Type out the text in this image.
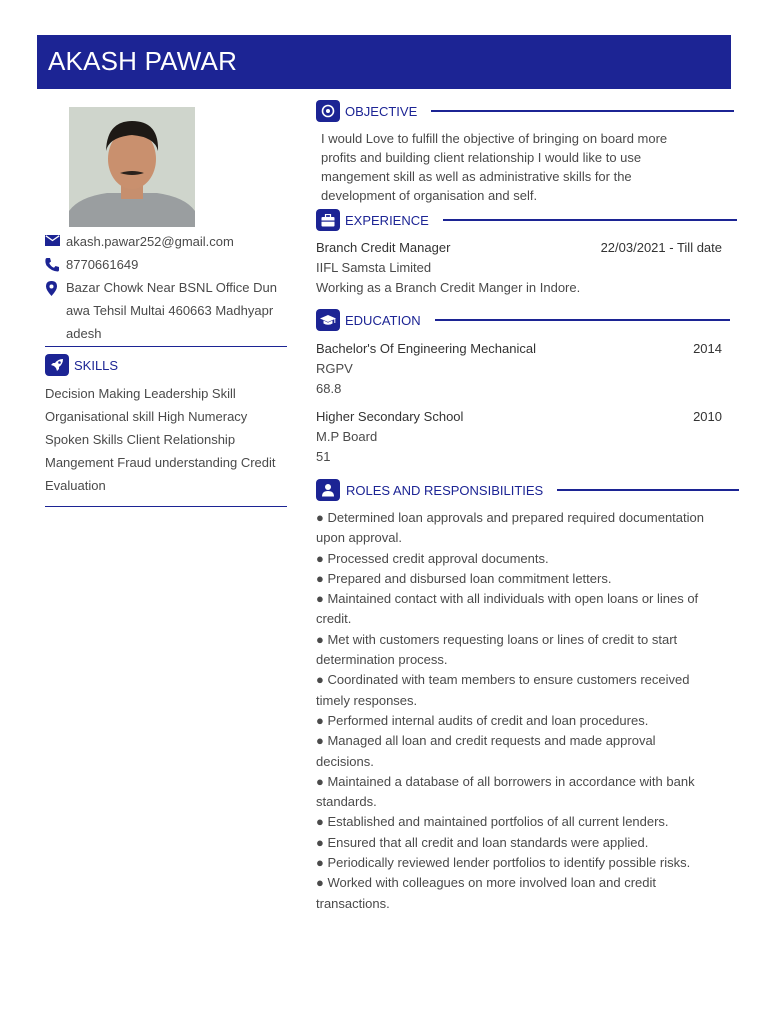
AKASH PAWAR
akash.pawar252@gmail.com
8770661649
Bazar Chowk Near BSNL Office Dun
awa Tehsil Multai 460663 Madhyapr
adesh
SKILLS
Decision Making Leadership Skill
Organisational skill High Numeracy
Spoken Skills Client Relationship
Mangement Fraud understanding Credit
Evaluation
OBJECTIVE
I would Love to fulfill the objective of bringing on board more
profits and building client relationship I would like to use
mangement skill as well as administrative skills for the
development of organisation and self.
EXPERIENCE
Branch Credit Manager	22/03/2021 - Till date
IIFL Samsta Limited
Working as a Branch Credit Manger in Indore.
EDUCATION
Bachelor's Of Engineering Mechanical	2014
RGPV
68.8
Higher Secondary School	2010
M.P Board
51
ROLES AND RESPONSIBILITIES
● Determined loan approvals and prepared required documentation
upon approval.
● Processed credit approval documents.
● Prepared and disbursed loan commitment letters.
● Maintained contact with all individuals with open loans or lines of
credit.
● Met with customers requesting loans or lines of credit to start
determination process.
● Coordinated with team members to ensure customers received
timely responses.
● Performed internal audits of credit and loan procedures.
● Managed all loan and credit requests and made approval
decisions.
● Maintained a database of all borrowers in accordance with bank
standards.
● Established and maintained portfolios of all current lenders.
● Ensured that all credit and loan standards were applied.
● Periodically reviewed lender portfolios to identify possible risks.
● Worked with colleagues on more involved loan and credit
transactions.
